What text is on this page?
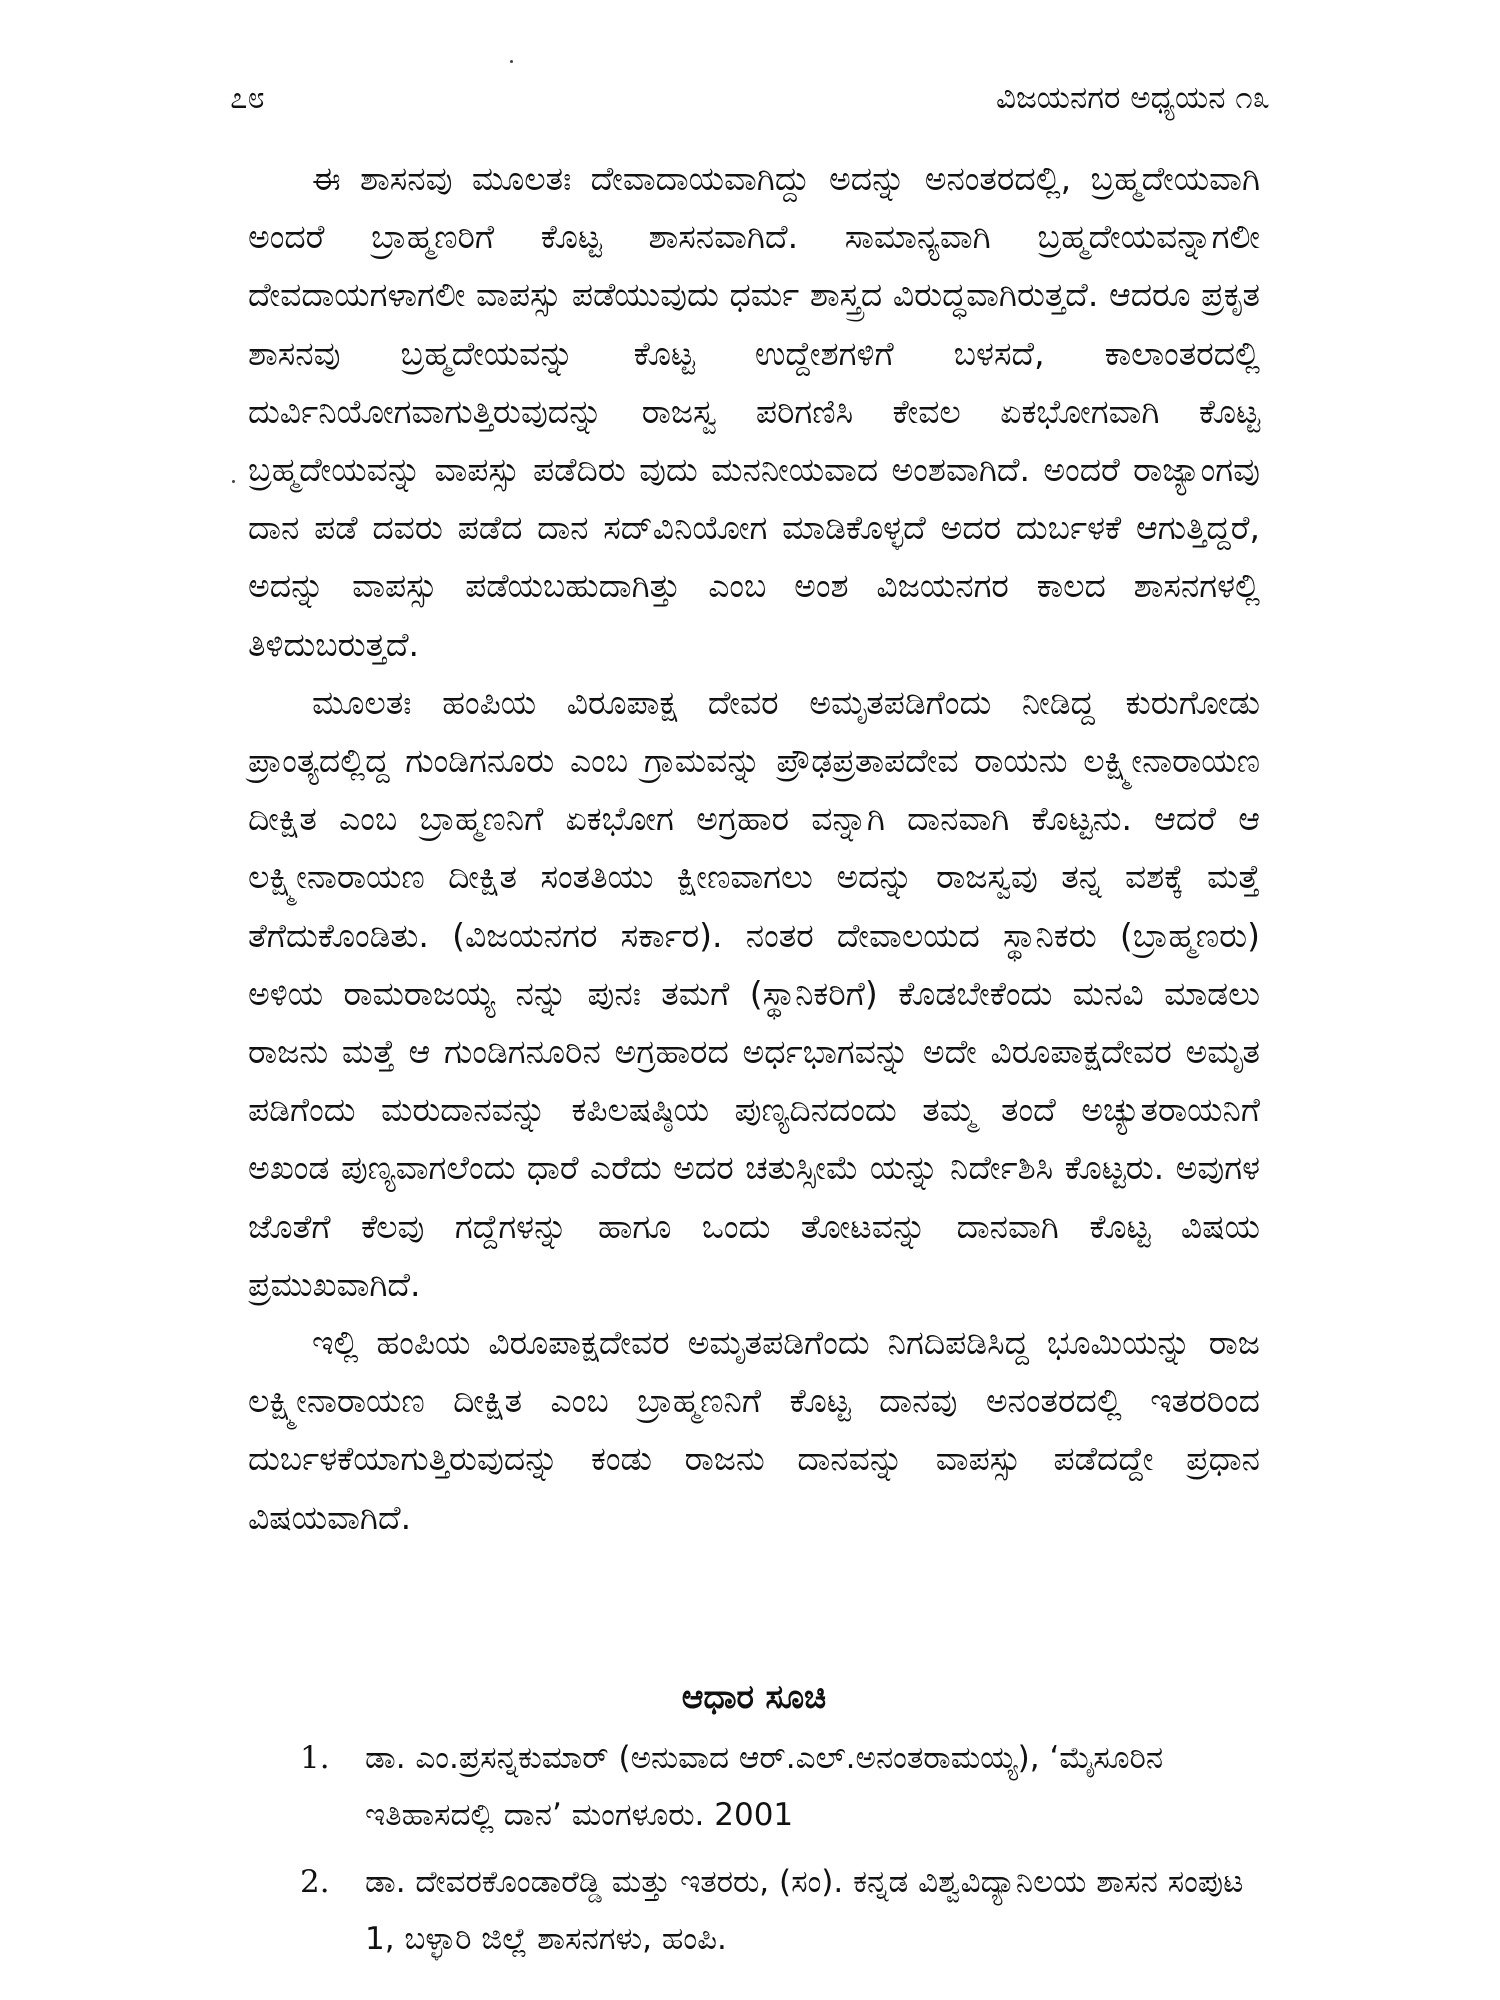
೭೮	ವಿಜಯನಗರ ಅಧ್ಯಯನ ೧೩

ಈ ಶಾಸನವು ಮೂಲತಃ ದೇವಾದಾಯವಾಗಿದ್ದು ಅದನ್ನು ಅನಂತರದಲ್ಲಿ, ಬ್ರಹ್ಮದೇಯವಾಗಿ ಅಂದರೆ ಬ್ರಾಹ್ಮಣರಿಗೆ ಕೊಟ್ಟ ಶಾಸನವಾಗಿದೆ. ಸಾಮಾನ್ಯವಾಗಿ ಬ್ರಹ್ಮದೇಯವನ್ನಾಗಲೀ ದೇವದಾಯಗಳಾಗಲೀ ವಾಪಸ್ಸು ಪಡೆಯುವುದು ಧರ್ಮ ಶಾಸ್ತ್ರದ ವಿರುದ್ಧವಾಗಿರುತ್ತದೆ. ಆದರೂ ಪ್ರಕೃತ ಶಾಸನವು ಬ್ರಹ್ಮದೇಯವನ್ನು ಕೊಟ್ಟ ಉದ್ದೇಶಗಳಿಗೆ ಬಳಸದೆ, ಕಾಲಾಂತರದಲ್ಲಿ ದುರ್ವಿನಿಯೋಗವಾಗುತ್ತಿರುವುದನ್ನು ರಾಜಸ್ವ ಪರಿಗಣಿಸಿ ಕೇವಲ ಏಕಭೋಗವಾಗಿ ಕೊಟ್ಟ ಬ್ರಹ್ಮದೇಯವನ್ನು ವಾಪಸ್ಸು ಪಡೆದಿರು ವುದು ಮನನೀಯವಾದ ಅಂಶವಾಗಿದೆ. ಅಂದರೆ ರಾಜ್ಯಾಂಗವು ದಾನ ಪಡೆ ದವರು ಪಡೆದ ದಾನ ಸದ್‌ವಿನಿಯೋಗ ಮಾಡಿಕೊಳ್ಳದೆ ಅದರ ದುರ್ಬಳಕೆ ಆಗುತ್ತಿದ್ದರೆ, ಅದನ್ನು ವಾಪಸ್ಸು ಪಡೆಯಬಹುದಾಗಿತ್ತು ಎಂಬ ಅಂಶ ವಿಜಯನಗರ ಕಾಲದ ಶಾಸನಗಳಲ್ಲಿ ತಿಳಿದುಬರುತ್ತದೆ.

ಮೂಲತಃ ಹಂಪಿಯ ವಿರೂಪಾಕ್ಷ ದೇವರ ಅಮೃತಪಡಿಗೆಂದು ನೀಡಿದ್ದ ಕುರುಗೋಡು ಪ್ರಾಂತ್ಯದಲ್ಲಿದ್ದ ಗುಂಡಿಗನೂರು ಎಂಬ ಗ್ರಾಮವನ್ನು ಪ್ರೌಢಪ್ರತಾಪದೇವ ರಾಯನು ಲಕ್ಷ್ಮೀನಾರಾಯಣ ದೀಕ್ಷಿತ ಎಂಬ ಬ್ರಾಹ್ಮಣನಿಗೆ ಏಕಭೋಗ ಅಗ್ರಹಾರ ವನ್ನಾಗಿ ದಾನವಾಗಿ ಕೊಟ್ಟನು. ಆದರೆ ಆ ಲಕ್ಷ್ಮೀನಾರಾಯಣ ದೀಕ್ಷಿತ ಸಂತತಿಯು ಕ್ಷೀಣವಾಗಲು ಅದನ್ನು ರಾಜಸ್ವವು ತನ್ನ ವಶಕ್ಕೆ ಮತ್ತೆ ತೆಗೆದುಕೊಂಡಿತು. (ವಿಜಯನಗರ ಸರ್ಕಾರ). ನಂತರ ದೇವಾಲಯದ ಸ್ಥಾನಿಕರು (ಬ್ರಾಹ್ಮಣರು) ಅಳಿಯ ರಾಮರಾಜಯ್ಯ ನನ್ನು ಪುನಃ ತಮಗೆ (ಸ್ಥಾನಿಕರಿಗೆ) ಕೊಡಬೇಕೆಂದು ಮನವಿ ಮಾಡಲು ರಾಜನು ಮತ್ತೆ ಆ ಗುಂಡಿಗನೂರಿನ ಅಗ್ರಹಾರದ ಅರ್ಧಭಾಗವನ್ನು ಅದೇ ವಿರೂಪಾಕ್ಷದೇವರ ಅಮೃತ ಪಡಿಗೆಂದು ಮರುದಾನವನ್ನು ಕಪಿಲಷಷ್ಠಿಯ ಪುಣ್ಯದಿನದಂದು ತಮ್ಮ ತಂದೆ ಅಚ್ಯುತರಾಯನಿಗೆ ಅಖಂಡ ಪುಣ್ಯವಾಗಲೆಂದು ಧಾರೆ ಎರೆದು ಅದರ ಚತುಸ್ಸೀಮೆ ಯನ್ನು ನಿರ್ದೇಶಿಸಿ ಕೊಟ್ಟರು. ಅವುಗಳ ಜೊತೆಗೆ ಕೆಲವು ಗದ್ದೆಗಳನ್ನು ಹಾಗೂ ಒಂದು ತೋಟವನ್ನು ದಾನವಾಗಿ ಕೊಟ್ಟ ವಿಷಯ ಪ್ರಮುಖವಾಗಿದೆ.

ಇಲ್ಲಿ ಹಂಪಿಯ ವಿರೂಪಾಕ್ಷದೇವರ ಅಮೃತಪಡಿಗೆಂದು ನಿಗದಿಪಡಿಸಿದ್ದ ಭೂಮಿಯನ್ನು ರಾಜ ಲಕ್ಷ್ಮೀನಾರಾಯಣ ದೀಕ್ಷಿತ ಎಂಬ ಬ್ರಾಹ್ಮಣನಿಗೆ ಕೊಟ್ಟ ದಾನವು ಅನಂತರದಲ್ಲಿ ಇತರರಿಂದ ದುರ್ಬಳಕೆಯಾಗುತ್ತಿರುವುದನ್ನು ಕಂಡು ರಾಜನು ದಾನವನ್ನು ವಾಪಸ್ಸು ಪಡೆದದ್ದೇ ಪ್ರಧಾನ ವಿಷಯವಾಗಿದೆ.

ಆಧಾರ ಸೂಚಿ
1. ಡಾ. ಎಂ.ಪ್ರಸನ್ನಕುಮಾರ್ (ಅನುವಾದ ಆರ್.ಎಲ್.ಅನಂತರಾಮಯ್ಯ), ‘ಮೈಸೂರಿನ ಇತಿಹಾಸದಲ್ಲಿ ದಾನ’ ಮಂಗಳೂರು. 2001
2. ಡಾ. ದೇವರಕೊಂಡಾರೆಡ್ಡಿ ಮತ್ತು ಇತರರು, (ಸಂ). ಕನ್ನಡ ವಿಶ್ವವಿದ್ಯಾನಿಲಯ ಶಾಸನ ಸಂಪುಟ 1, ಬಳ್ಳಾರಿ ಜಿಲ್ಲೆ ಶಾಸನಗಳು, ಹಂಪಿ.
